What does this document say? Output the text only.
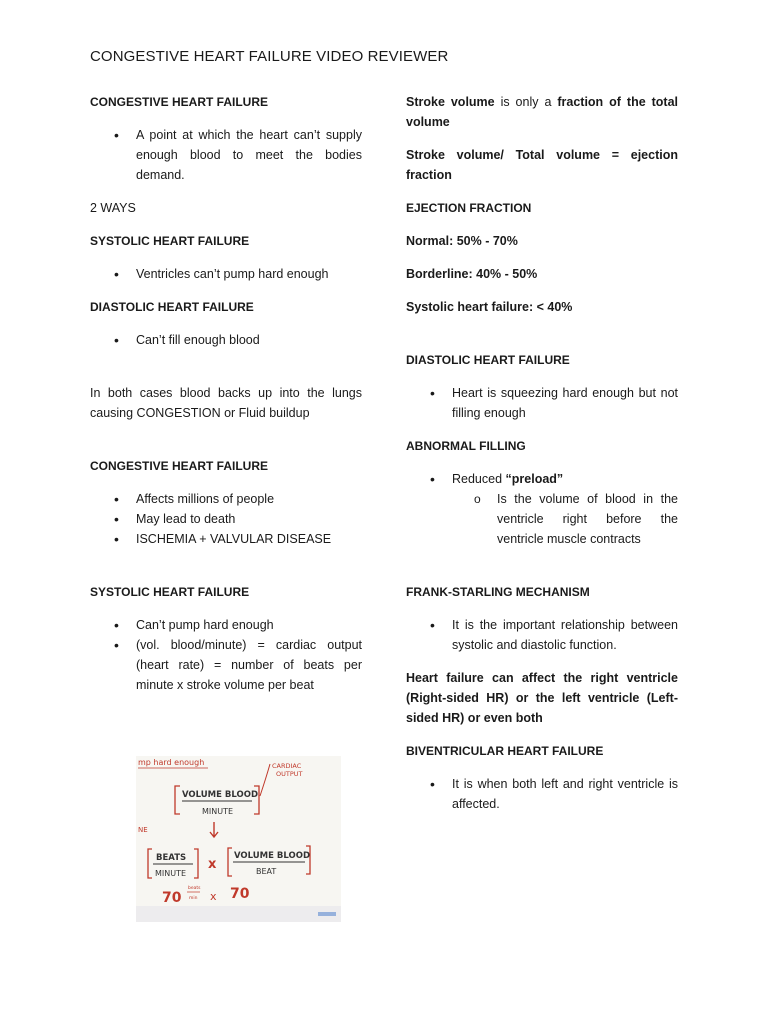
CONGESTIVE HEART FAILURE VIDEO REVIEWER

CONGESTIVE HEART FAILURE

• A point at which the heart can’t supply enough blood to meet the bodies demand.

2 WAYS

SYSTOLIC HEART FAILURE

• Ventricles can’t pump hard enough

DIASTOLIC HEART FAILURE

• Can’t fill enough blood

In both cases blood backs up into the lungs causing CONGESTION or Fluid buildup

CONGESTIVE HEART FAILURE

• Affects millions of people
• May lead to death
• ISCHEMIA + VALVULAR DISEASE

SYSTOLIC HEART FAILURE

• Can’t pump hard enough
• (vol. blood/minute) = cardiac output (heart rate) = number of beats per minute x stroke volume per beat
mp hard enough
NE
VOLUME BLOOD
MINUTE
CARDIAC
OUTPUT
BEATS
MINUTE
x
VOLUME BLOOD
BEAT
70
beats
min x 70

Stroke volume is only a fraction of the total volume

Stroke volume/ Total volume = ejection fraction

EJECTION FRACTION

Normal: 50% - 70%

Borderline: 40% - 50%

Systolic heart failure: < 40%

DIASTOLIC HEART FAILURE

• Heart is squeezing hard enough but not filling enough

ABNORMAL FILLING

• Reduced “preload”
o Is the volume of blood in the ventricle right before the ventricle muscle contracts

FRANK-STARLING MECHANISM

• It is the important relationship between systolic and diastolic function.

Heart failure can affect the right ventricle (Right-sided HR) or the left ventricle (Left-sided HR) or even both

BIVENTRICULAR HEART FAILURE

• It is when both left and right ventricle is affected.
